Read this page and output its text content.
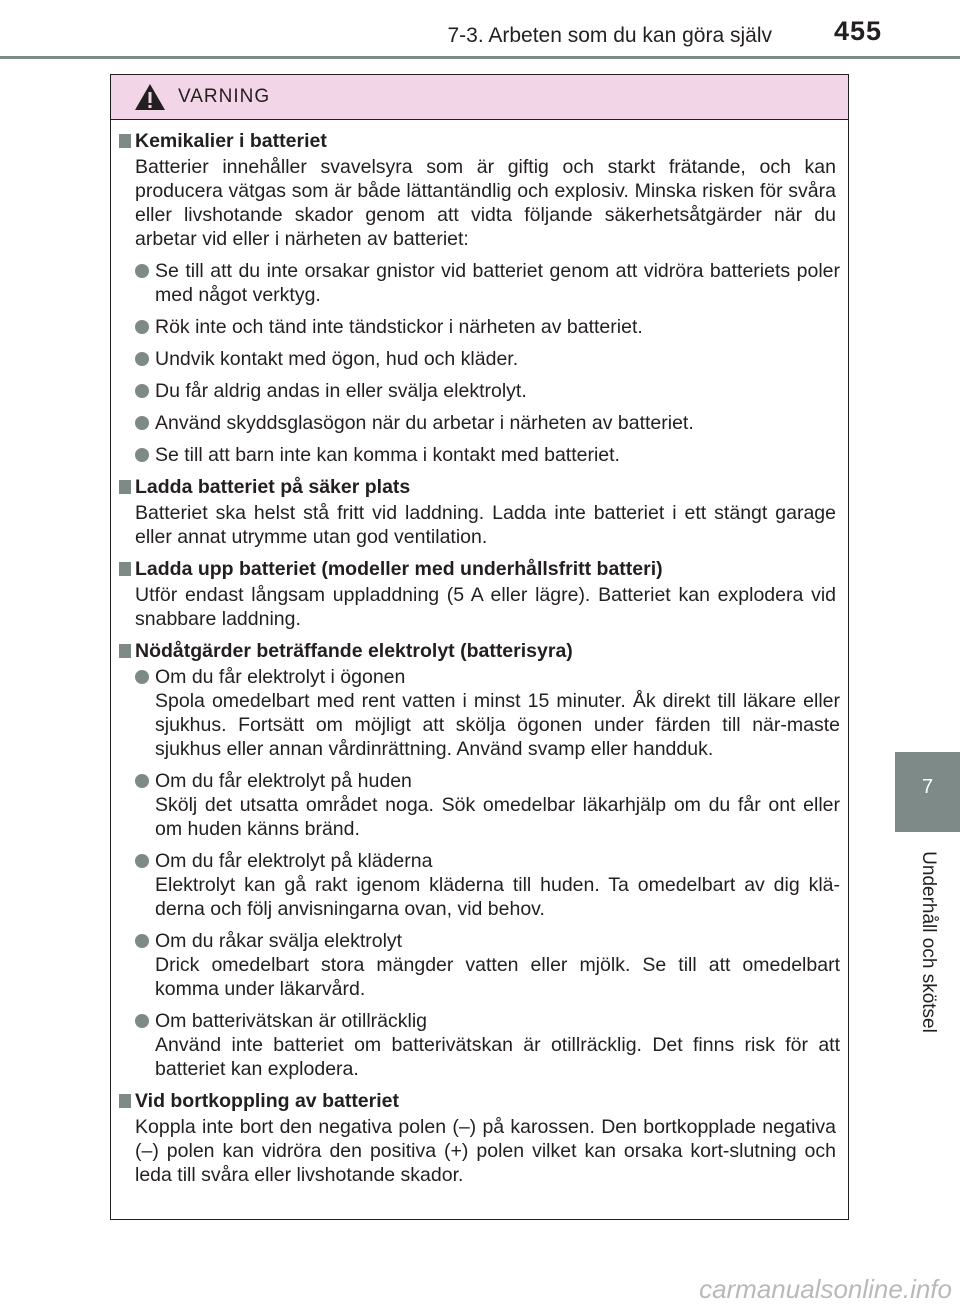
7-3. Arbeten som du kan göra själv 455
7
Underhåll och skötsel
VARNING
Kemikalier i batteriet
Batterier innehåller svavelsyra som är giftig och starkt frätande, och kan producera vätgas som är både lättantändlig och explosiv. Minska risken för svåra eller livshotande skador genom att vidta följande säkerhetsåtgärder när du arbetar vid eller i närheten av batteriet:
Se till att du inte orsakar gnistor vid batteriet genom att vidröra batteriets poler med något verktyg.
Rök inte och tänd inte tändstickor i närheten av batteriet.
Undvik kontakt med ögon, hud och kläder.
Du får aldrig andas in eller svälja elektrolyt.
Använd skyddsglasögon när du arbetar i närheten av batteriet.
Se till att barn inte kan komma i kontakt med batteriet.
Ladda batteriet på säker plats
Batteriet ska helst stå fritt vid laddning. Ladda inte batteriet i ett stängt garage eller annat utrymme utan god ventilation.
Ladda upp batteriet (modeller med underhållsfritt batteri)
Utför endast långsam uppladdning (5 A eller lägre). Batteriet kan explodera vid snabbare laddning.
Nödåtgärder beträffande elektrolyt (batterisyra)
Om du får elektrolyt i ögonen
Spola omedelbart med rent vatten i minst 15 minuter. Åk direkt till läkare eller sjukhus. Fortsätt om möjligt att skölja ögonen under färden till när-maste sjukhus eller annan vårdinrättning. Använd svamp eller handduk.
Om du får elektrolyt på huden
Skölj det utsatta området noga. Sök omedelbar läkarhjälp om du får ont eller om huden känns bränd.
Om du får elektrolyt på kläderna
Elektrolyt kan gå rakt igenom kläderna till huden. Ta omedelbart av dig klä-derna och följ anvisningarna ovan, vid behov.
Om du råkar svälja elektrolyt
Drick omedelbart stora mängder vatten eller mjölk. Se till att omedelbart komma under läkarvård.
Om batterivätskan är otillräcklig
Använd inte batteriet om batterivätskan är otillräcklig. Det finns risk för att batteriet kan explodera.
Vid bortkoppling av batteriet
Koppla inte bort den negativa polen (–) på karossen. Den bortkopplade negativa (–) polen kan vidröra den positiva (+) polen vilket kan orsaka kort-slutning och leda till svåra eller livshotande skador.
carmanualsonline.info
